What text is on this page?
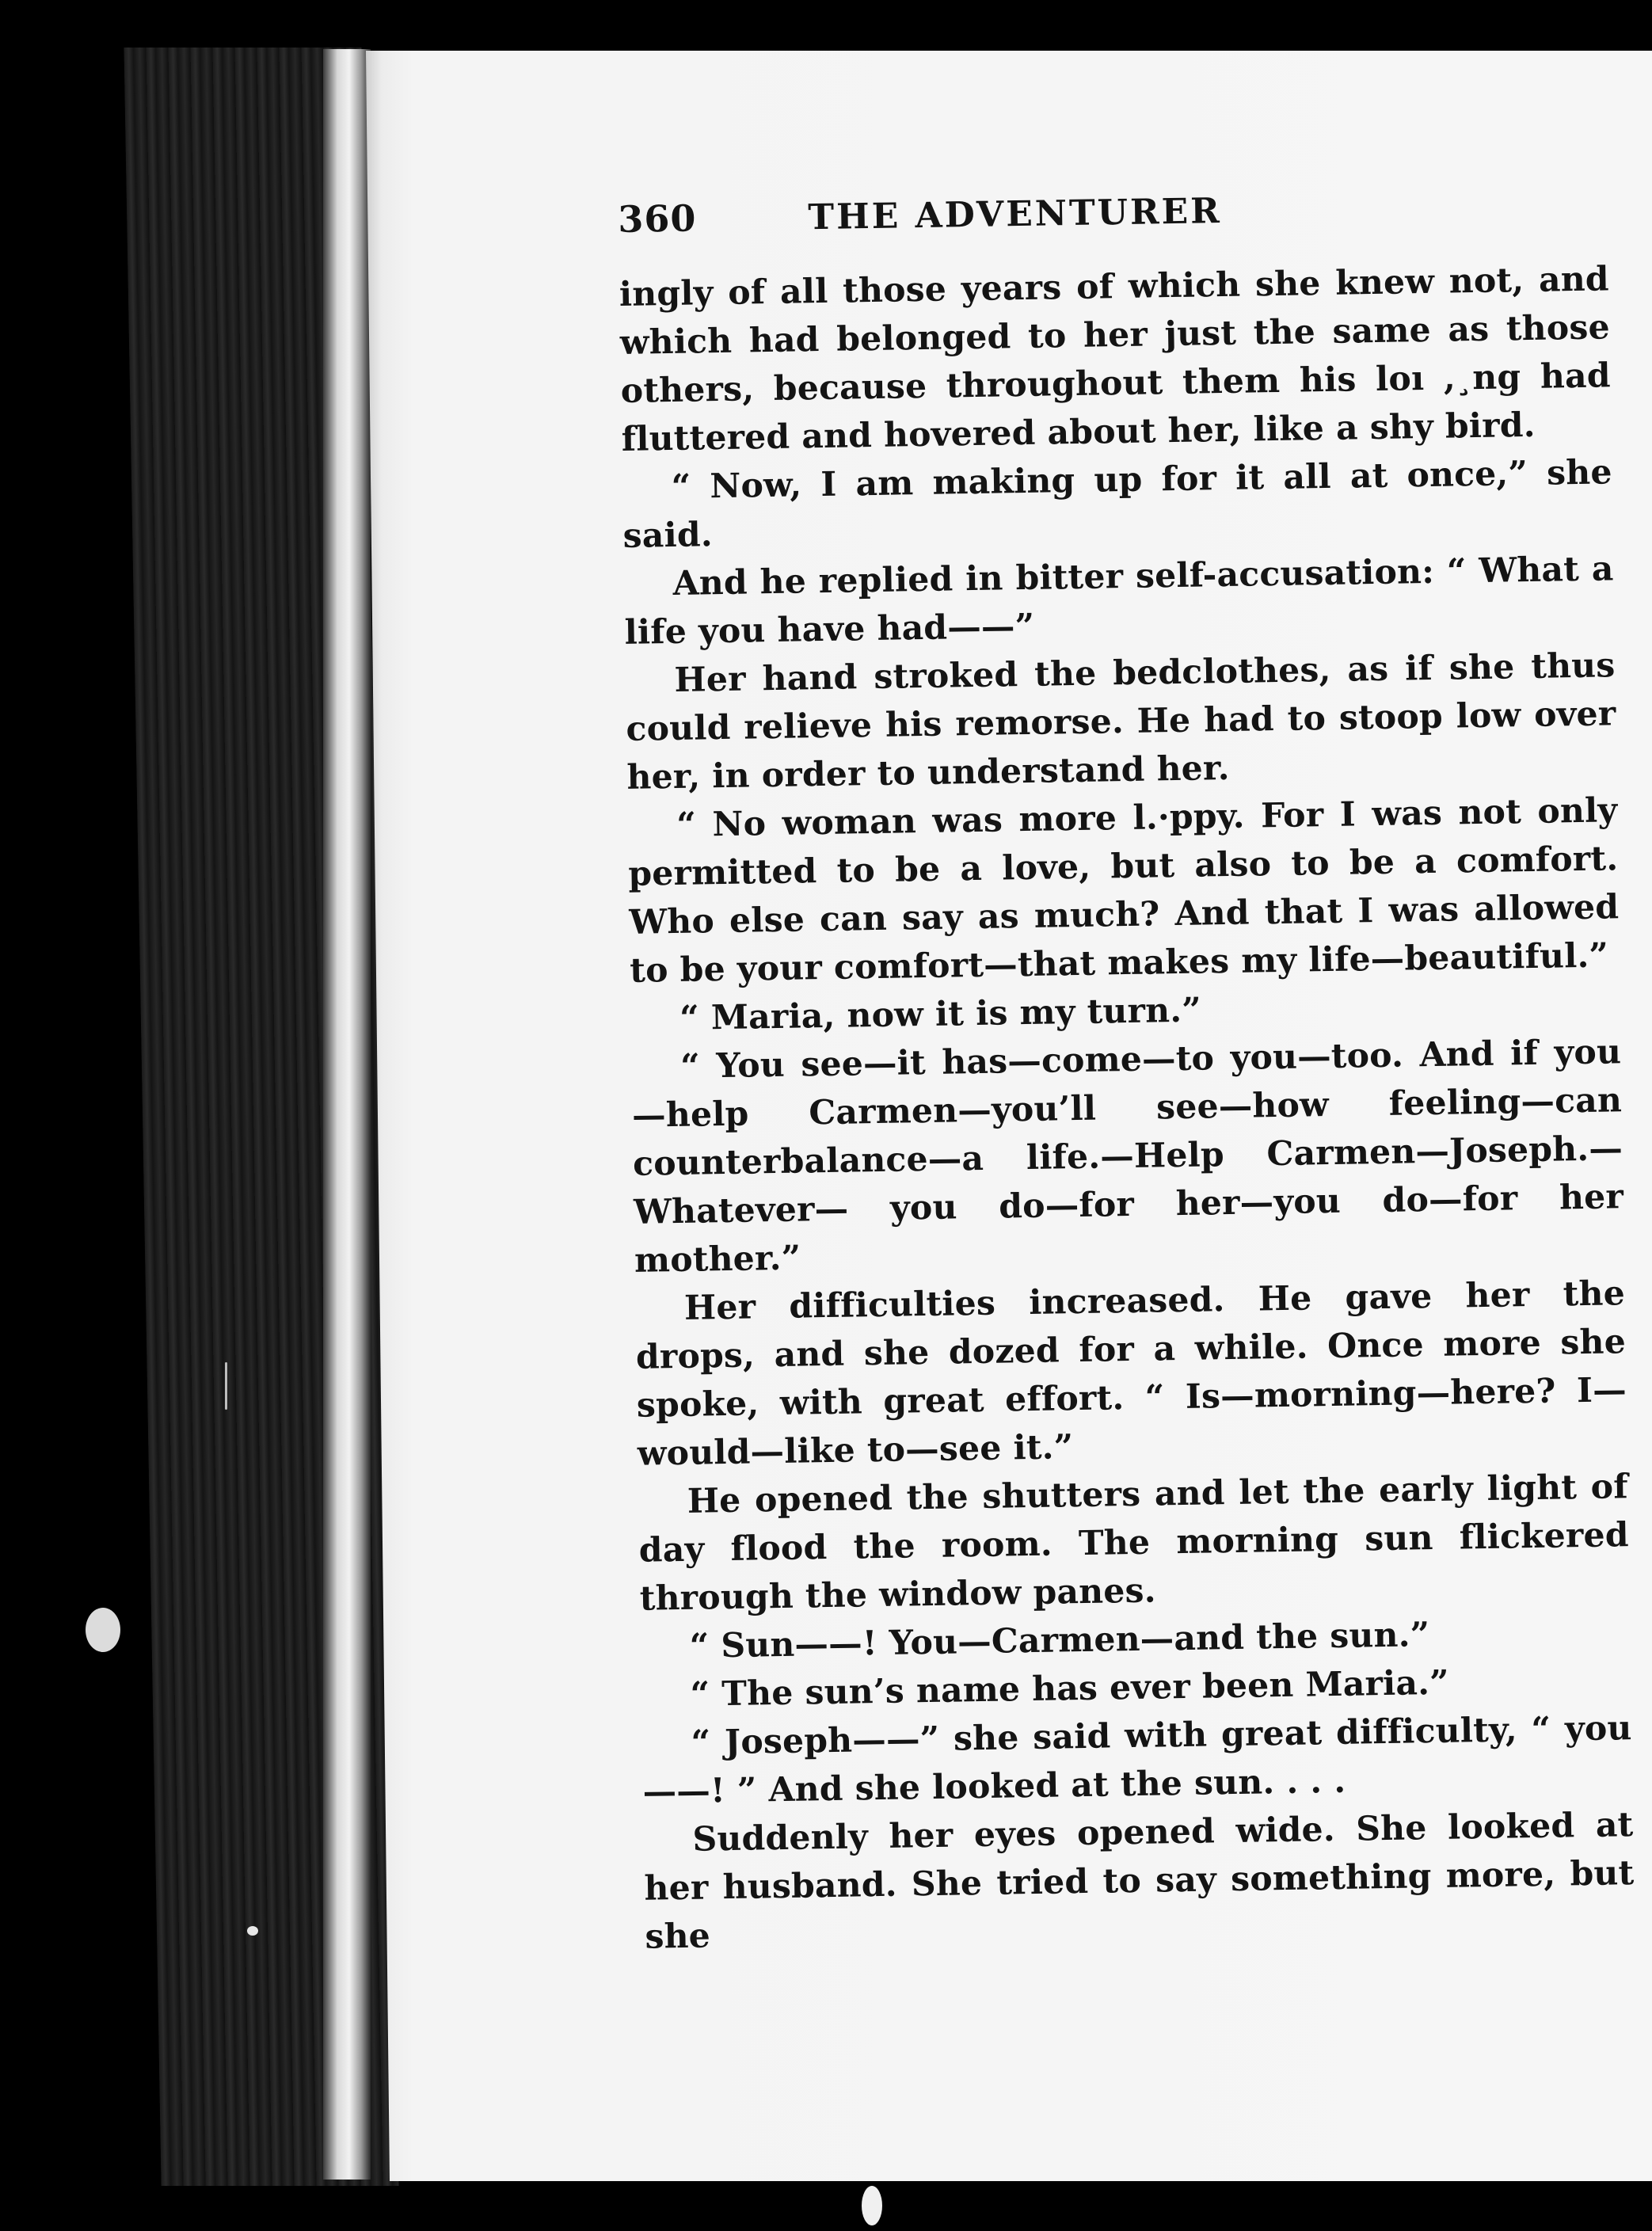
360	THE ADVENTURER

ingly of all those years of which she knew not, and which had belonged to her just the same as those others, because throughout them his loı ,¸ng had fluttered and hovered about her, like a shy bird.

“ Now, I am making up for it all at once,” she said.

And he replied in bitter self-accusation: “ What a life you have had——”

Her hand stroked the bedclothes, as if she thus could relieve his remorse. He had to stoop low over her, in order to understand her.

“ No woman was more l.·ppy. For I was not only permitted to be a love, but also to be a comfort. Who else can say as much? And that I was allowed to be your comfort—that makes my life—beautiful.”

“ Maria, now it is my turn.”

“ You see—it has—come—to you—too. And if you —help Carmen—you’ll see—how feeling—can counterbalance—a life.—Help Carmen—Joseph.—Whatever— you do—for her—you do—for her mother.”

Her difficulties increased. He gave her the drops, and she dozed for a while. Once more she spoke, with great effort. “ Is—morning—here? I—would—like to—see it.”

He opened the shutters and let the early light of day flood the room. The morning sun flickered through the window panes.

“ Sun——! You—Carmen—and the sun.”

“ The sun’s name has ever been Maria.”

“ Joseph——” she said with great difficulty, “ you——! ” And she looked at the sun. . . .

Suddenly her eyes opened wide. She looked at her husband. She tried to say something more, but she
